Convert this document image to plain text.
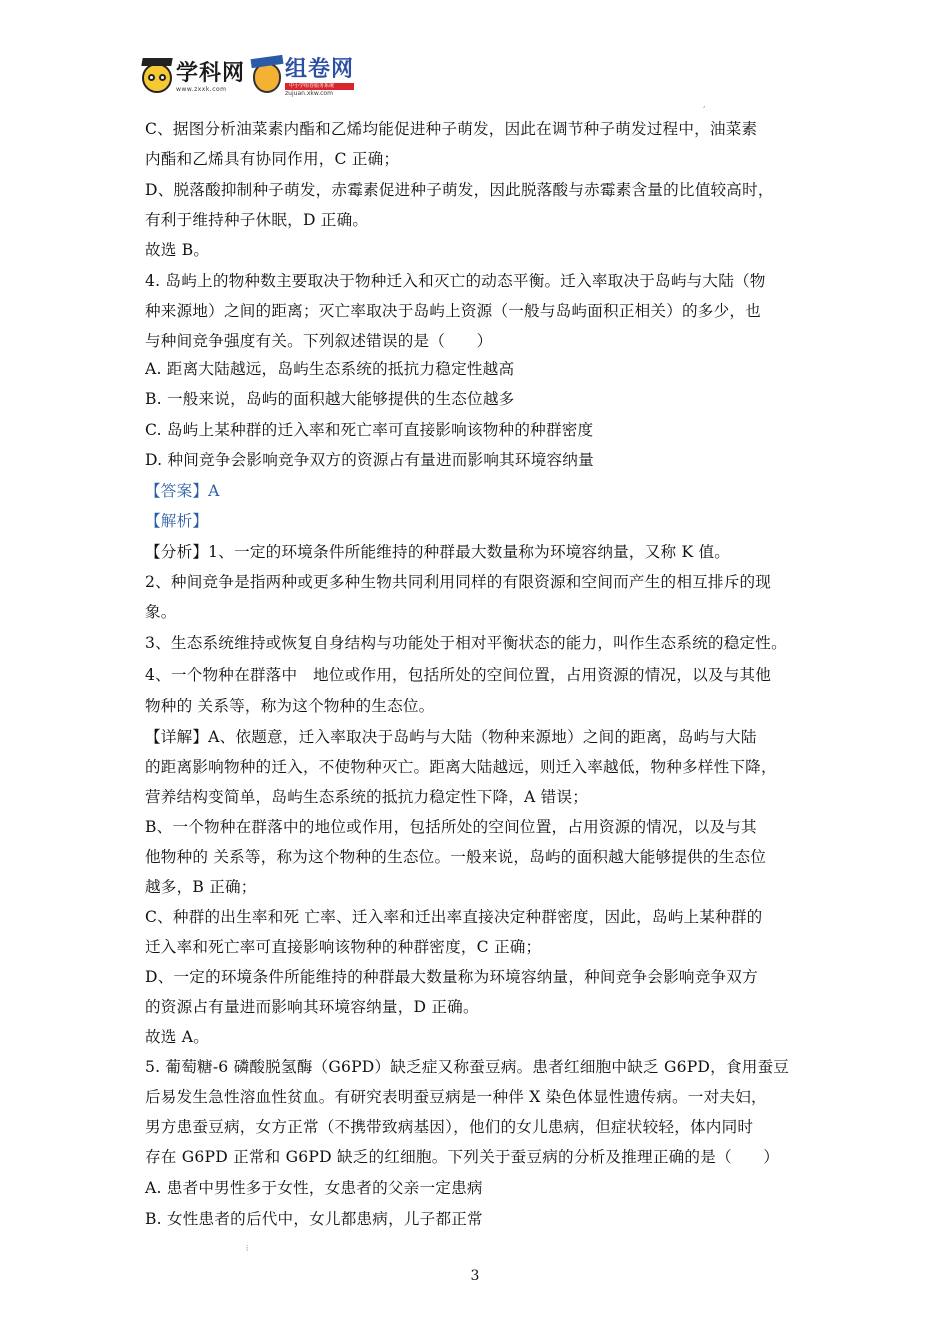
学科网
www.zxxk.com
组卷网
中小学组卷服务系统
zujuan.xkw.com
,
⁞
C、据图分析油菜素内酯和乙烯均能促进种子萌发，因此在调节种子萌发过程中，油菜素
内酯和乙烯具有协同作用，C 正确；
D、脱落酸抑制种子萌发，赤霉素促进种子萌发，因此脱落酸与赤霉素含量的比值较高时，
有利于维持种子休眠，D 正确。
故选 B。
4. 岛屿上的物种数主要取决于物种迁入和灭亡的动态平衡。迁入率取决于岛屿与大陆（物
种来源地）之间的距离；灭亡率取决于岛屿上资源（一般与岛屿面积正相关）的多少，也
与种间竞争强度有关。下列叙述错误的是（　　）
A. 距离大陆越远，岛屿生态系统的抵抗力稳定性越高
B. 一般来说，岛屿的面积越大能够提供的生态位越多
C. 岛屿上某种群的迁入率和死亡率可直接影响该物种的种群密度
D. 种间竞争会影响竞争双方的资源占有量进而影响其环境容纳量
【答案】A
【解析】
【分析】1、一定的环境条件所能维持的种群最大数量称为环境容纳量，又称 K 值。
2、种间竞争是指两种或更多种生物共同利用同样的有限资源和空间而产生的相互排斥的现
象。
3、生态系统维持或恢复自身结构与功能处于相对平衡状态的能力，叫作生态系统的稳定性。
4、一个物种在群落中　地位或作用，包括所处的空间位置，占用资源的情况，以及与其他
物种的 关系等，称为这个物种的生态位。
【详解】A、依题意，迁入率取决于岛屿与大陆（物种来源地）之间的距离，岛屿与大陆
的距离影响物种的迁入，不使物种灭亡。距离大陆越远，则迁入率越低，物种多样性下降，
营养结构变简单，岛屿生态系统的抵抗力稳定性下降，A 错误；
B、一个物种在群落中的地位或作用，包括所处的空间位置，占用资源的情况，以及与其
他物种的 关系等，称为这个物种的生态位。一般来说，岛屿的面积越大能够提供的生态位
越多，B 正确；
C、种群的出生率和死 亡率、迁入率和迁出率直接决定种群密度，因此，岛屿上某种群的
迁入率和死亡率可直接影响该物种的种群密度，C 正确；
D、一定的环境条件所能维持的种群最大数量称为环境容纳量，种间竞争会影响竞争双方
的资源占有量进而影响其环境容纳量，D 正确。
故选 A。
5. 葡萄糖-6 磷酸脱氢酶（G6PD）缺乏症又称蚕豆病。患者红细胞中缺乏 G6PD，食用蚕豆
后易发生急性溶血性贫血。有研究表明蚕豆病是一种伴 X 染色体显性遗传病。一对夫妇，
男方患蚕豆病，女方正常（不携带致病基因），他们的女儿患病，但症状较轻，体内同时
存在 G6PD 正常和 G6PD 缺乏的红细胞。下列关于蚕豆病的分析及推理正确的是（　　）
A. 患者中男性多于女性，女患者的父亲一定患病
B. 女性患者的后代中，女儿都患病，儿子都正常
3
